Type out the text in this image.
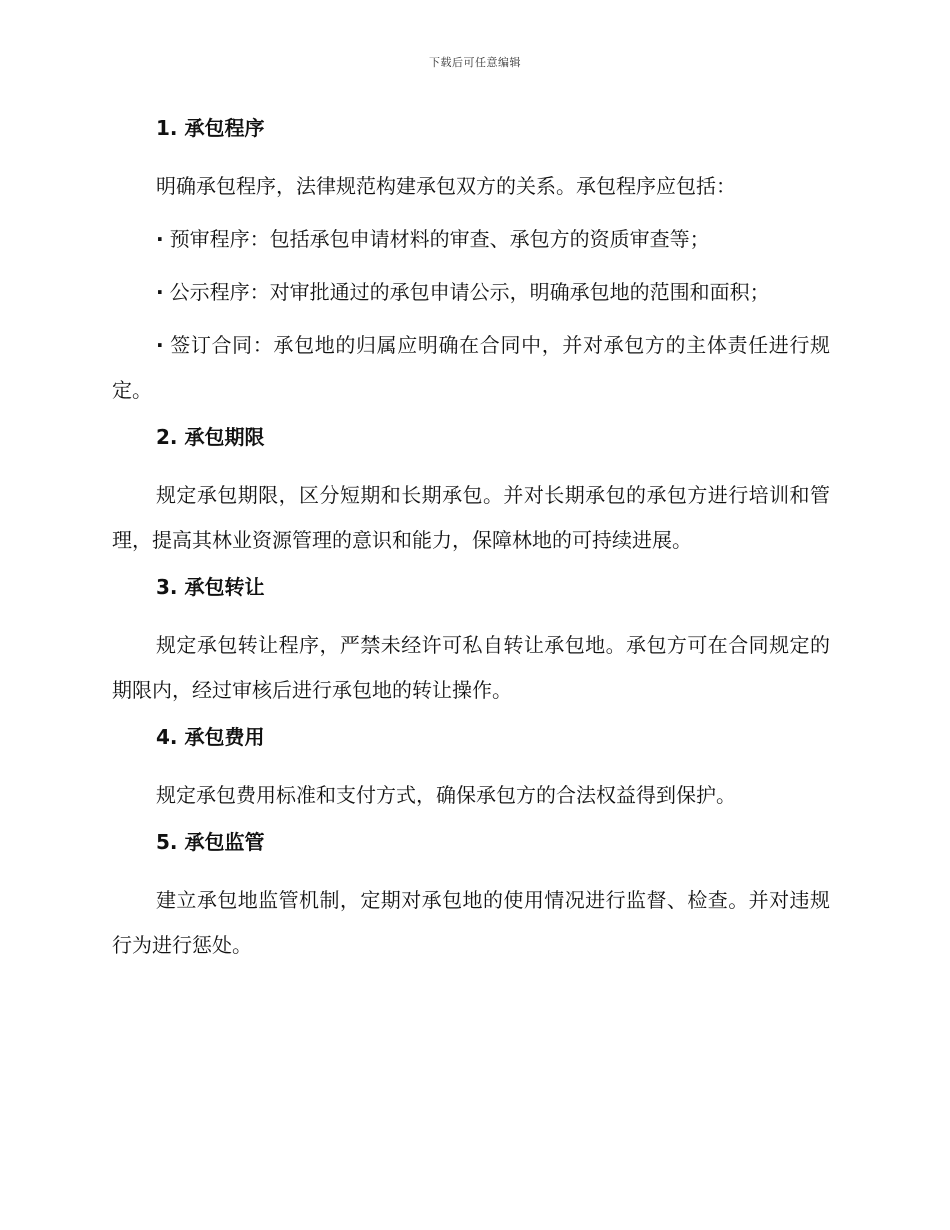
下载后可任意编辑
1. 承包程序

明确承包程序，法律规范构建承包双方的关系。承包程序应包括：

· 预审程序：包括承包申请材料的审查、承包方的资质审查等；

· 公示程序：对审批通过的承包申请公示，明确承包地的范围和面积；

· 签订合同：承包地的归属应明确在合同中，并对承包方的主体责任进行规定。

2. 承包期限

规定承包期限，区分短期和长期承包。并对长期承包的承包方进行培训和管理，提高其林业资源管理的意识和能力，保障林地的可持续进展。

3. 承包转让

规定承包转让程序，严禁未经许可私自转让承包地。承包方可在合同规定的期限内，经过审核后进行承包地的转让操作。

4. 承包费用

规定承包费用标准和支付方式，确保承包方的合法权益得到保护。

5. 承包监管

建立承包地监管机制，定期对承包地的使用情况进行监督、检查。并对违规行为进行惩处。
